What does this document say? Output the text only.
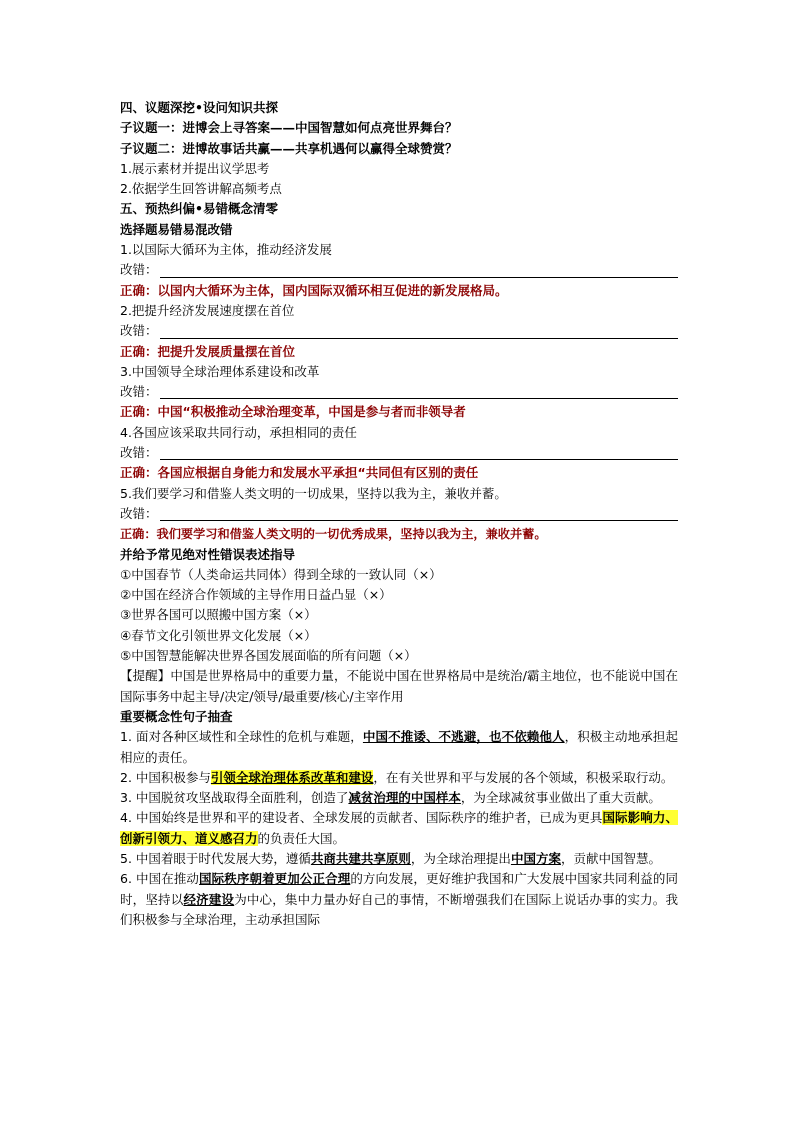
四、议题深挖•设问知识共探
子议题一：进博会上寻答案——中国智慧如何点亮世界舞台？
子议题二：进博故事话共赢——共享机遇何以赢得全球赞赏？
1.展示素材并提出议学思考
2.依据学生回答讲解高频考点
五、预热纠偏•易错概念清零
选择题易错易混改错
1.以国际大循环为主体，推动经济发展
改错：
正确：以国内大循环为主体，国内国际双循环相互促进的新发展格局。
2.把提升经济发展速度摆在首位
改错：
正确：把提升发展质量摆在首位
3.中国领导全球治理体系建设和改革
改错：
正确：中国“积极推动全球治理变革，中国是参与者而非领导者
4.各国应该采取共同行动，承担相同的责任
改错：
正确：各国应根据自身能力和发展水平承担“共同但有区别的责任
5.我们要学习和借鉴人类文明的一切成果，坚持以我为主，兼收并蓄。
改错：
正确：我们要学习和借鉴人类文明的一切优秀成果，坚持以我为主，兼收并蓄。
并给予常见绝对性错误表述指导
①中国春节（人类命运共同体）得到全球的一致认同（×）
②中国在经济合作领域的主导作用日益凸显（×）
③世界各国可以照搬中国方案（×）
④春节文化引领世界文化发展（×）
⑤中国智慧能解决世界各国发展面临的所有问题（×）
【提醒】中国是世界格局中的重要力量，不能说中国在世界格局中是统治/霸主地位，也不能说中国在国际事务中起主导/决定/领导/最重要/核心/主宰作用
重要概念性句子抽查
1. 面对各种区域性和全球性的危机与难题，中国不推诿、不逃避，也不依赖他人，积极主动地承担起相应的责任。
2. 中国积极参与引领全球治理体系改革和建设，在有关世界和平与发展的各个领域，积极采取行动。
3. 中国脱贫攻坚战取得全面胜利，创造了减贫治理的中国样本，为全球减贫事业做出了重大贡献。
4. 中国始终是世界和平的建设者、全球发展的贡献者、国际秩序的维护者，已成为更具国际影响力、创新引领力、道义感召力的负责任大国。
5. 中国着眼于时代发展大势，遵循共商共建共享原则，为全球治理提出中国方案，贡献中国智慧。
6. 中国在推动国际秩序朝着更加公正合理的方向发展，更好维护我国和广大发展中国家共同利益的同时，坚持以经济建设为中心，集中力量办好自己的事情，不断增强我们在国际上说话办事的实力。我们积极参与全球治理，主动承担国际
